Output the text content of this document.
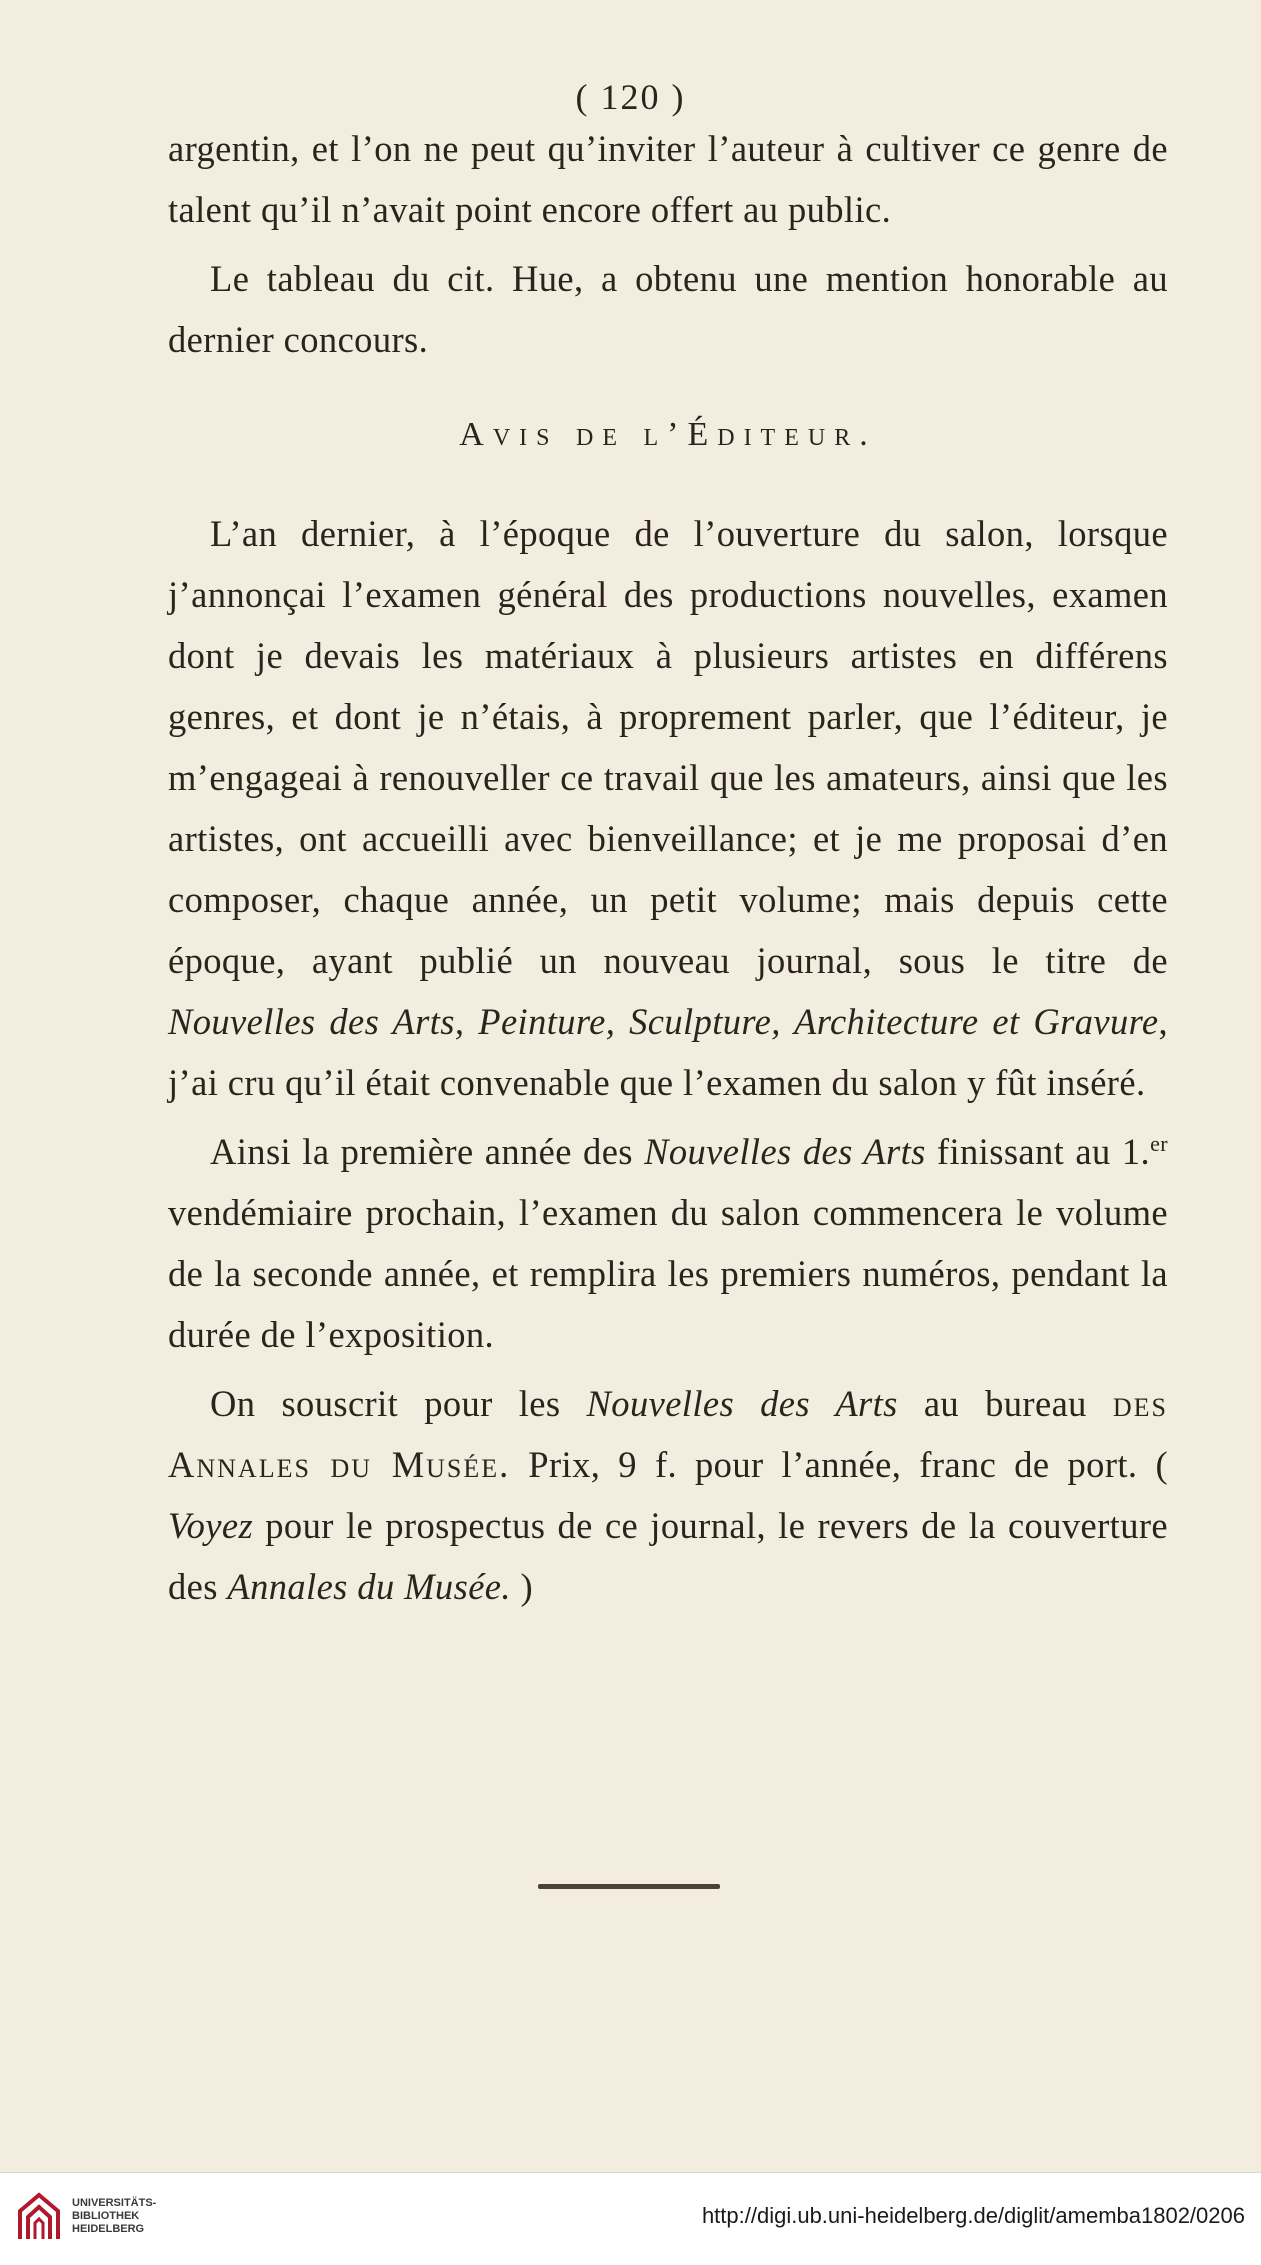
( 120 )

argentin, et l’on ne peut qu’inviter l’auteur à cultiver ce genre de talent qu’il n’avait point encore offert au public.

Le tableau du cit. Hue, a obtenu une mention honorable au dernier concours.

Avis de l’Éditeur.

L’an dernier, à l’époque de l’ouverture du salon, lorsque j’annonçai l’examen général des productions nouvelles, examen dont je devais les matériaux à plusieurs artistes en différens genres, et dont je n’étais, à proprement parler, que l’éditeur, je m’engageai à renouveller ce travail que les amateurs, ainsi que les artistes, ont accueilli avec bienveillance; et je me proposai d’en composer, chaque année, un petit volume; mais depuis cette époque, ayant publié un nouveau journal, sous le titre de Nouvelles des Arts, Peinture, Sculpture, Architecture et Gravure, j’ai cru qu’il était convenable que l’examen du salon y fût inséré.

Ainsi la première année des Nouvelles des Arts finissant au 1.$^{er}$ vendémiaire prochain, l’examen du salon commencera le volume de la seconde année, et remplira les premiers numéros, pendant la durée de l’exposition.

On souscrit pour les Nouvelles des Arts au bureau des Annales du Musée. Prix, 9 f. pour l’année, franc de port. ( Voyez pour le prospectus de ce journal, le revers de la couverture des Annales du Musée. )

UNIVERSITÄTS-
BIBLIOTHEK
HEIDELBERG
http://digi.ub.uni-heidelberg.de/diglit/amemba1802/0206
